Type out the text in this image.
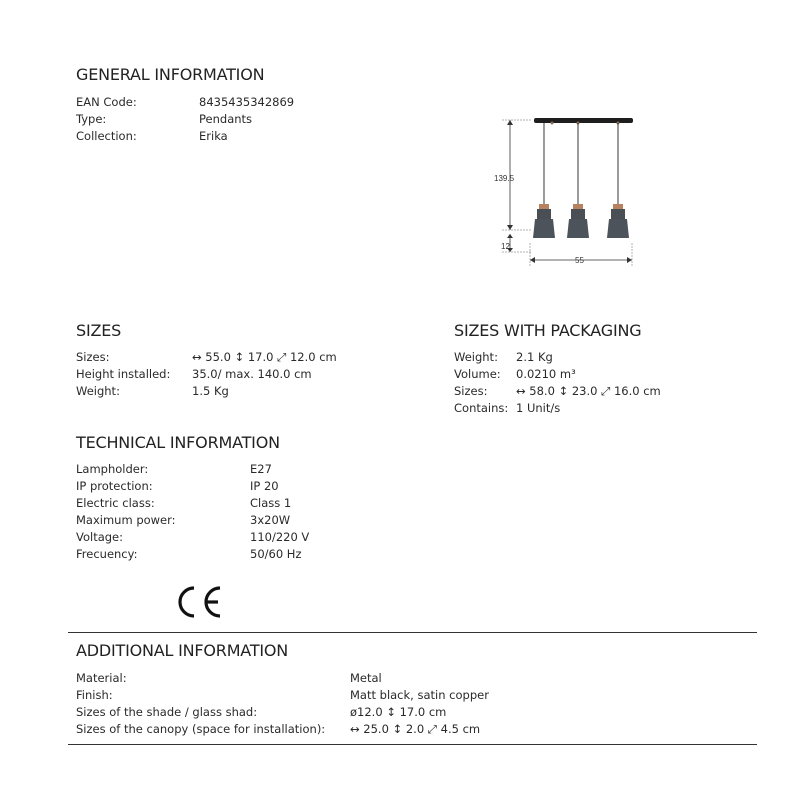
GENERAL INFORMATION
EAN Code:	8435435342869
Type:	Pendants
Collection:	Erika
139.5
12
55
SIZES
Sizes:	↔ 55.0 ↕ 17.0 ⤢ 12.0 cm
Height installed: 35.0/ max. 140.0 cm
Weight:	1.5 Kg
SIZES WITH PACKAGING
Weight: 2.1 Kg
Volume: 0.0210 m³
Sizes: ↔ 58.0 ↕ 23.0 ⤢ 16.0 cm
Contains: 1 Unit/s
TECHNICAL INFORMATION
Lampholder:	E27
IP protection:	IP 20
Electric class:	Class 1
Maximum power:	3x20W
Voltage:	110/220 V
Frecuency:	50/60 Hz
ADDITIONAL INFORMATION
Material:	Metal
Finish:	Matt black, satin copper
Sizes of the shade / glass shad:	ø12.0 ↕ 17.0 cm
Sizes of the canopy (space for installation): ↔ 25.0 ↕ 2.0 ⤢ 4.5 cm
